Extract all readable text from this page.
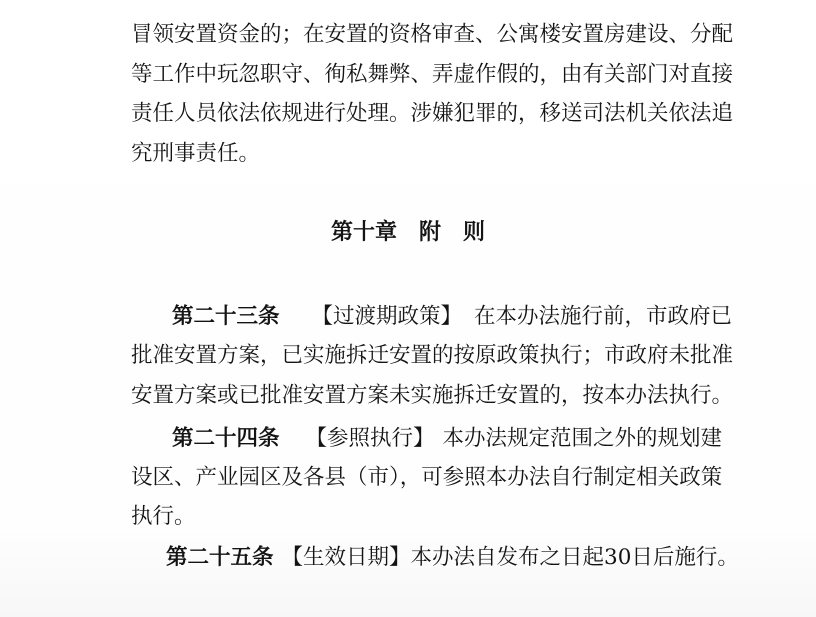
冒领安置资金的；在安置的资格审查、公寓楼安置房建设、分配
等工作中玩忽职守、徇私舞弊、弄虚作假的，由有关部门对直接
责任人员依法依规进行处理。涉嫌犯罪的，移送司法机关依法追
究刑事责任。
第十章　附　则
第二十三条 【过渡期政策】 在本办法施行前，市政府已
批准安置方案，已实施拆迁安置的按原政策执行；市政府未批准
安置方案或已批准安置方案未实施拆迁安置的，按本办法执行。
第二十四条 【参照执行】 本办法规定范围之外的规划建
设区、产业园区及各县（市），可参照本办法自行制定相关政策
执行。
第二十五条 【生效日期】本办法自发布之日起30日后施行。
